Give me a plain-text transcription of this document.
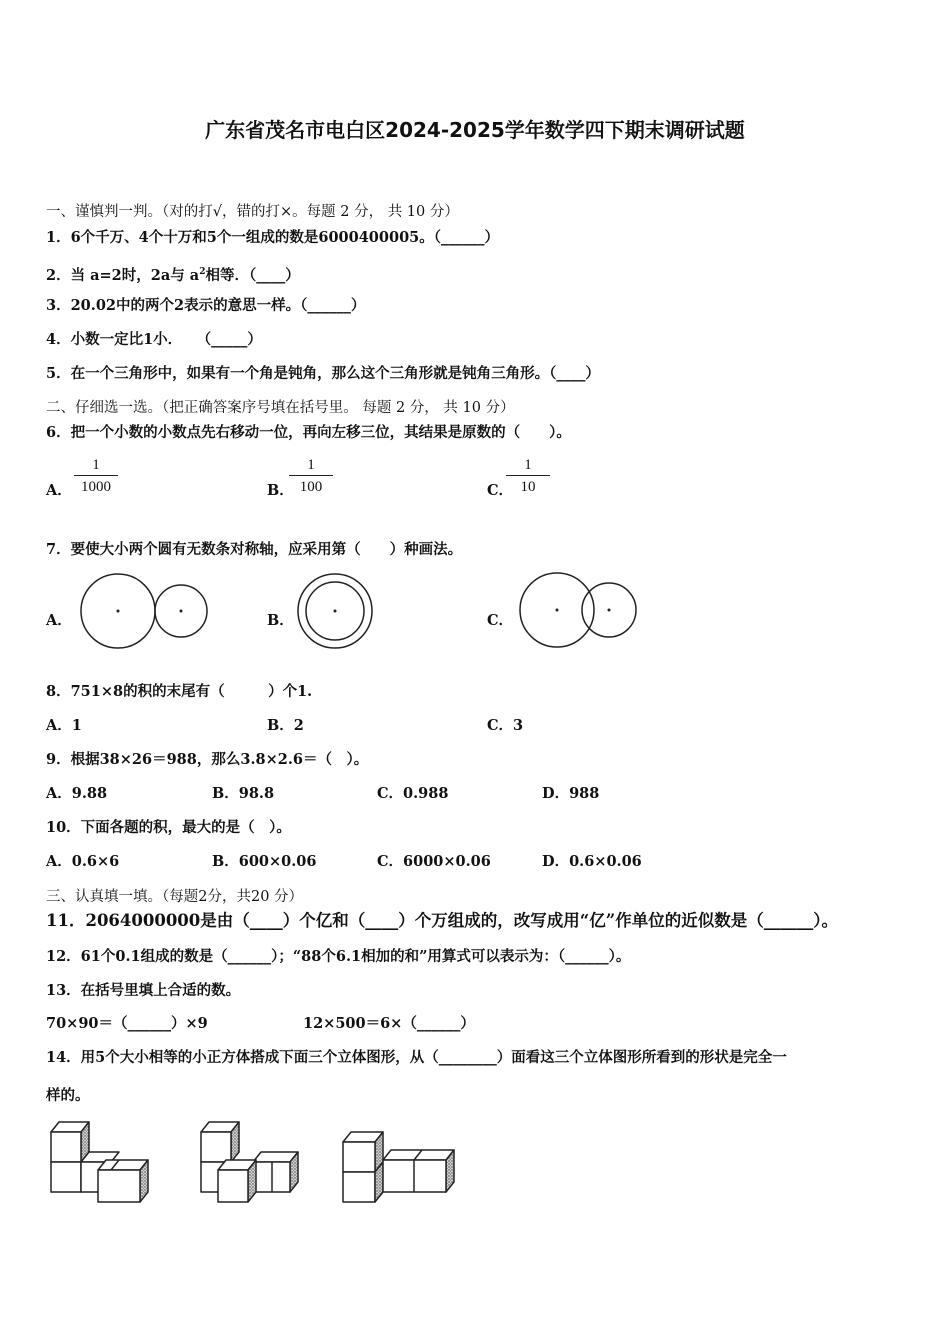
广东省茂名市电白区2024-2025学年数学四下期末调研试题
一、谨慎判一判。（对的打√，错的打×。每题 2 分， 共 10 分）
1．6个千万、4个十万和5个一组成的数是6000400005。（______）
2．当 a=2时，2a与 $a^2$相等．（____）
3．20.02中的两个2表示的意思一样。（______）
4．小数一定比1小．　　（_____）
5．在一个三角形中，如果有一个角是钝角，那么这个三角形就是钝角三角形。（____）
二、仔细选一选。（把正确答案序号填在括号里。 每题 2 分， 共 10 分）
6．把一个小数的小数点先右移动一位，再向左移三位，其结果是原数的（　　）。
A．
1
1000	B．
1
100	C．
1
10
7．要使大小两个圆有无数条对称轴，应采用第（　　）种画法。
A．	B．	C．
8．751×8的积的末尾有（　　　）个1.
A．1	B．2	C．3
9．根据38×26＝988，那么3.8×2.6＝（　）。
A．9.88	B．98.8	C．0.988	D．988
10．下面各题的积，最大的是（　）。
A．0.6×6	B．600×0.06	C．6000×0.06	D．0.6×0.06
三、认真填一填。（每题2分，共20 分）
11．2064000000是由（____）个亿和（____）个万组成的，改写成用“亿”作单位的近似数是（______）。
12．61个0.1组成的数是（______）；“88个6.1相加的和”用算式可以表示为：（______）。
13．在括号里填上合适的数。
70×90＝（______）×9	12×500＝6×（______）
14．用5个大小相等的小正方体搭成下面三个立体图形，从（________）面看这三个立体图形所看到的形状是完全一
样的。
